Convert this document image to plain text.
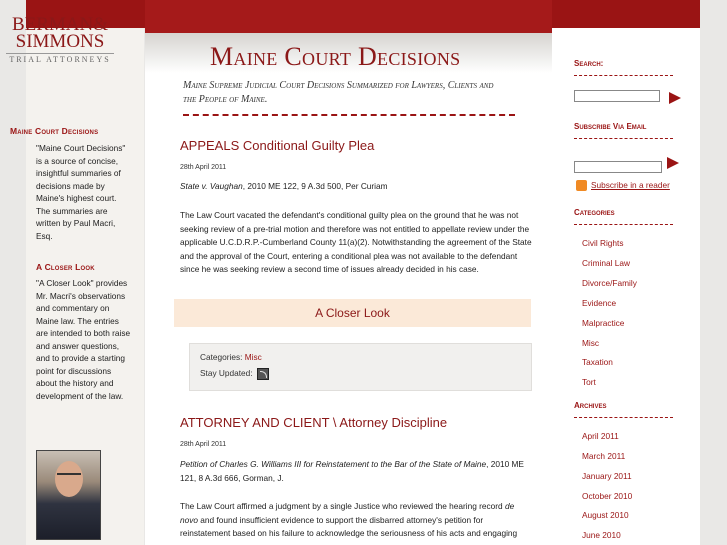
BERMAN&
SIMMONS
TRIAL ATTORNEYS
Maine Court Decisions
"Maine Court Decisions" is a source of concise, insightful summaries of decisions made by Maine's highest court. The summaries are written by Paul Macri, Esq.
A Closer Look
"A Closer Look" provides Mr. Macri's observations and commentary on Maine law. The entries are intended to both raise and answer questions, and to provide a starting point for discussions about the history and development of the law.
Maine Court Decisions
Maine Supreme Judicial Court Decisions Summarized for Lawyers, Clients and the People of Maine.
APPEALS Conditional Guilty Plea
28th April 2011
State v. Vaughan, 2010 ME 122, 9 A.3d 500, Per Curiam
The Law Court vacated the defendant's conditional guilty plea on the ground that he was not seeking review of a pre-trial motion and therefore was not entitled to appellate review under the applicable U.C.D.R.P.-Cumberland County 11(a)(2). Notwithstanding the agreement of the State and the approval of the Court, entering a conditional plea was not available to the defendant since he was seeking review a second time of issues already decided in his case.
A Closer Look
Categories: Misc
Stay Updated:
ATTORNEY AND CLIENT \ Attorney Discipline
28th April 2011
Petition of Charles G. Williams III for Reinstatement to the Bar of the State of Maine, 2010 ME 121, 8 A.3d 666, Gorman, J.
The Law Court affirmed a judgment by a single Justice who reviewed the hearing record de novo and found insufficient evidence to support the disbarred attorney's petition for reinstatement based on his failure to acknowledge the seriousness of his acts and engaging
Search:
Subscribe Via Email
Subscribe in a reader
Categories
Civil Rights
Criminal Law
Divorce/Family
Evidence
Malpractice
Misc
Taxation
Tort
Archives
April 2011
March 2011
January 2011
October 2010
August 2010
June 2010
